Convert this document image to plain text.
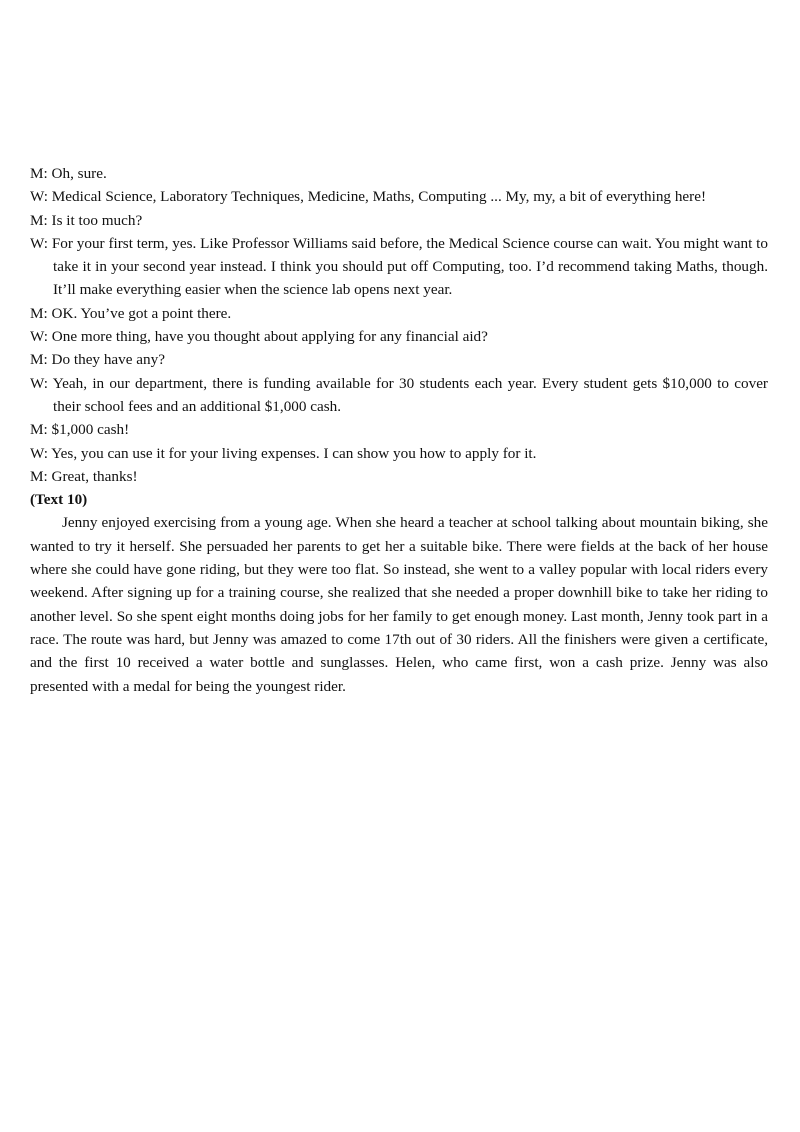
M: Oh, sure.
W: Medical Science, Laboratory Techniques, Medicine, Maths, Computing ... My, my, a bit of everything here!
M: Is it too much?
W: For your first term, yes. Like Professor Williams said before, the Medical Science course can wait. You might want to take it in your second year instead. I think you should put off Computing, too. I’d recommend taking Maths, though. It’ll make everything easier when the science lab opens next year.
M: OK. You’ve got a point there.
W: One more thing, have you thought about applying for any financial aid?
M: Do they have any?
W: Yeah, in our department, there is funding available for 30 students each year. Every student gets $10,000 to cover their school fees and an additional $1,000 cash.
M: $1,000 cash!
W: Yes, you can use it for your living expenses. I can show you how to apply for it.
M: Great, thanks!
(Text 10)
Jenny enjoyed exercising from a young age. When she heard a teacher at school talking about mountain biking, she wanted to try it herself. She persuaded her parents to get her a suitable bike. There were fields at the back of her house where she could have gone riding, but they were too flat. So instead, she went to a valley popular with local riders every weekend. After signing up for a training course, she realized that she needed a proper downhill bike to take her riding to another level. So she spent eight months doing jobs for her family to get enough money. Last month, Jenny took part in a race. The route was hard, but Jenny was amazed to come 17th out of 30 riders. All the finishers were given a certificate, and the first 10 received a water bottle and sunglasses. Helen, who came first, won a cash prize. Jenny was also presented with a medal for being the youngest rider.
